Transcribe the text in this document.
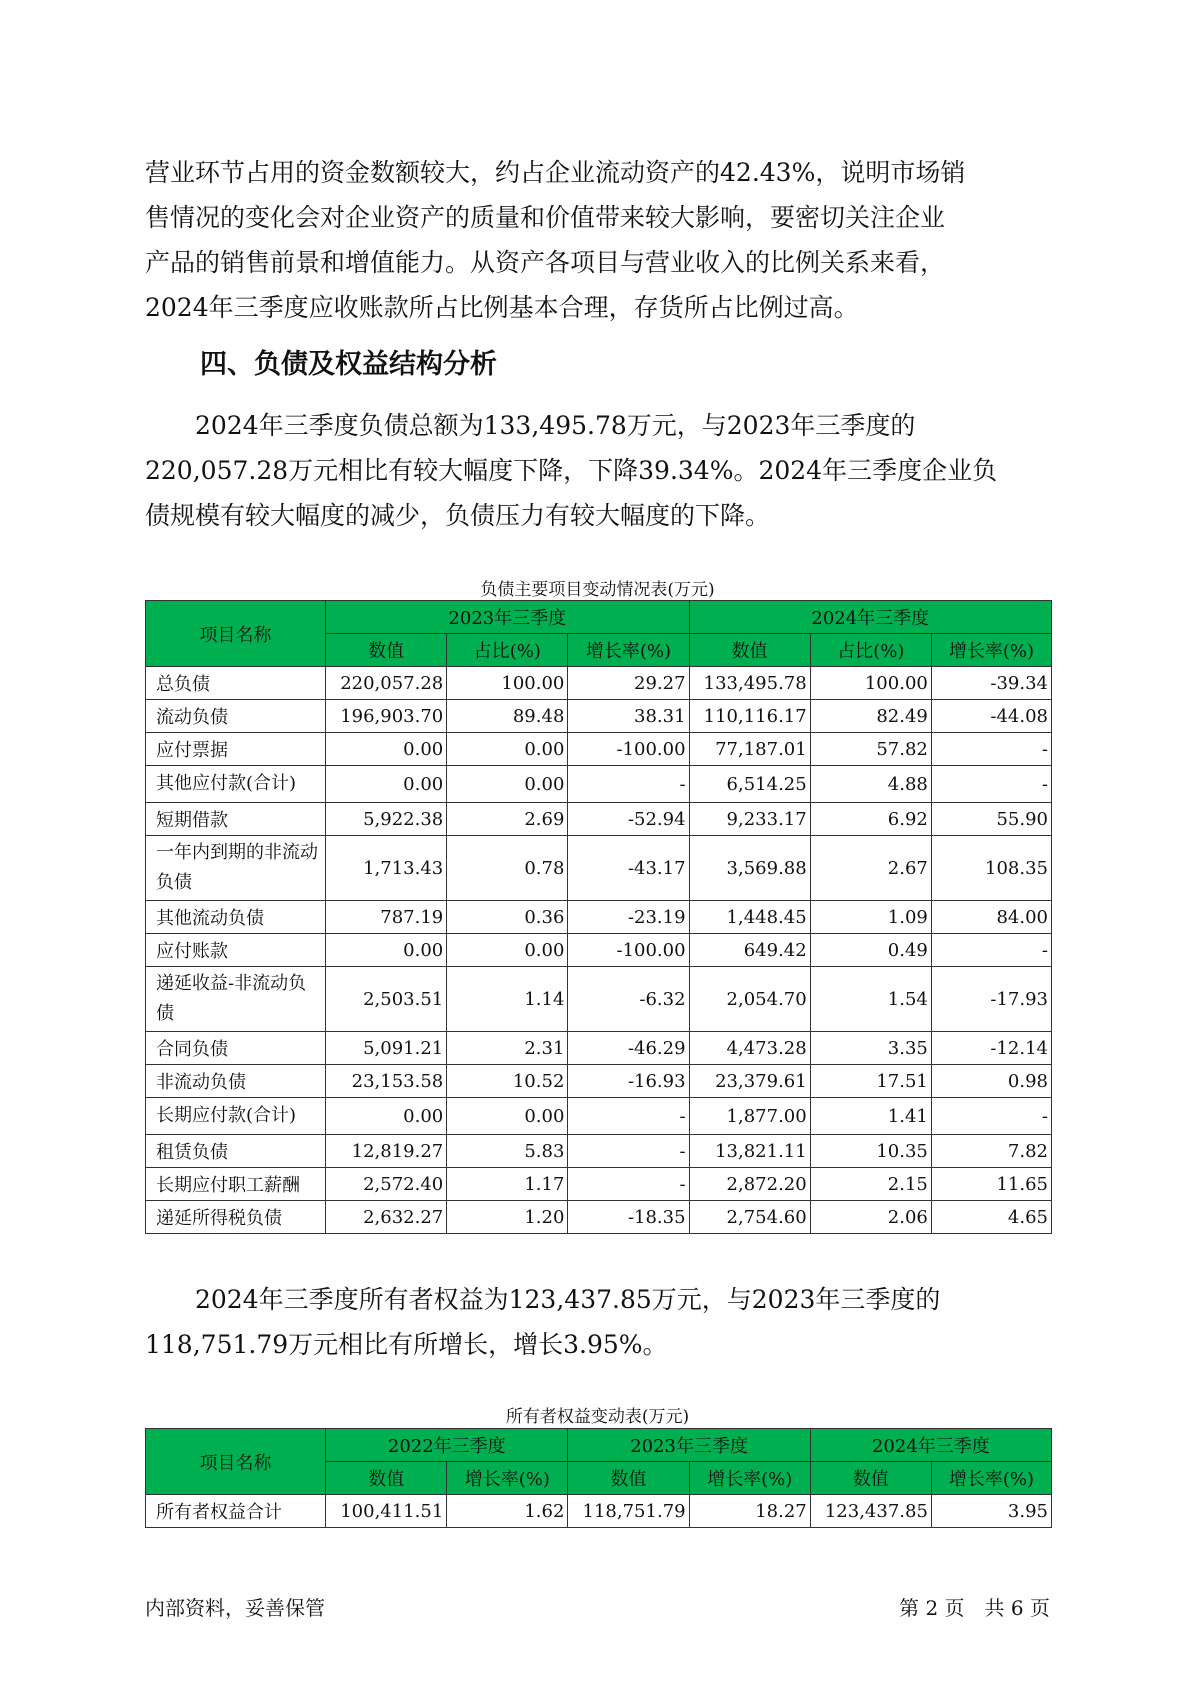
营业环节占用的资金数额较大，约占企业流动资产的42.43%，说明市场销
售情况的变化会对企业资产的质量和价值带来较大影响，要密切关注企业
产品的销售前景和增值能力。从资产各项目与营业收入的比例关系来看，
2024年三季度应收账款所占比例基本合理，存货所占比例过高。
四、负债及权益结构分析
　　2024年三季度负债总额为133,495.78万元，与2023年三季度的
220,057.28万元相比有较大幅度下降，下降39.34%。2024年三季度企业负
债规模有较大幅度的减少，负债压力有较大幅度的下降。

负债主要项目变动情况表(万元)

项目名称	2023年三季度			2024年三季度		
	数值	占比(%)	增长率(%)	数值	占比(%)	增长率(%)
总负债	220,057.28	100.00	29.27	133,495.78	100.00	-39.34
流动负债	196,903.70	89.48	38.31	110,116.17	82.49	-44.08
应付票据	0.00	0.00	-100.00	77,187.01	57.82	-
其他应付款(合计)	0.00	0.00	-	6,514.25	4.88	-
短期借款	5,922.38	2.69	-52.94	9,233.17	6.92	55.90
一年内到期的非流动负债	1,713.43	0.78	-43.17	3,569.88	2.67	108.35
其他流动负债	787.19	0.36	-23.19	1,448.45	1.09	84.00
应付账款	0.00	0.00	-100.00	649.42	0.49	-
递延收益-非流动负债	2,503.51	1.14	-6.32	2,054.70	1.54	-17.93
合同负债	5,091.21	2.31	-46.29	4,473.28	3.35	-12.14
非流动负债	23,153.58	10.52	-16.93	23,379.61	17.51	0.98
长期应付款(合计)	0.00	0.00	-	1,877.00	1.41	-
租赁负债	12,819.27	5.83	-	13,821.11	10.35	7.82
长期应付职工薪酬	2,572.40	1.17	-	2,872.20	2.15	11.65
递延所得税负债	2,632.27	1.20	-18.35	2,754.60	2.06	4.65
　　2024年三季度所有者权益为123,437.85万元，与2023年三季度的
118,751.79万元相比有所增长，增长3.95%。

所有者权益变动表(万元)

项目名称	2022年三季度		2023年三季度		2024年三季度	
	数值	增长率(%)	数值	增长率(%)	数值	增长率(%)
所有者权益合计	100,411.51	1.62	118,751.79	18.27	123,437.85	3.95

内部资料，妥善保管	第 2 页　共 6 页
